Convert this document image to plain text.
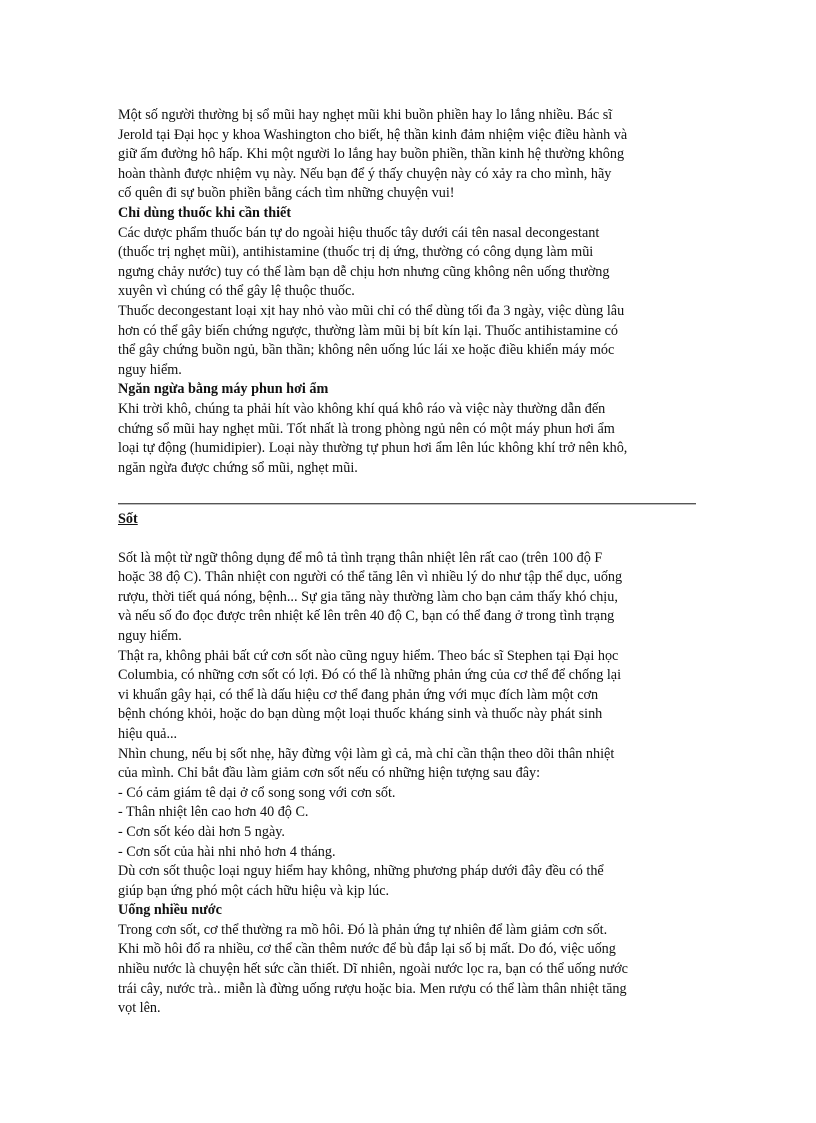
Một số người thường bị sổ mũi hay nghẹt mũi khi buồn phiền hay lo lắng nhiều. Bác sĩ
Jerold tại Đại học y khoa Washington cho biết, hệ thần kinh đảm nhiệm việc điều hành và
giữ ấm đường hô hấp. Khi một người lo lắng hay buồn phiền, thần kinh hệ thường không
hoàn thành được nhiệm vụ này. Nếu bạn để ý thấy chuyện này có xảy ra cho mình, hãy
cố quên đi sự buồn phiền bằng cách tìm những chuyện vui!
Chỉ dùng thuốc khi cần thiết
Các dược phẩm thuốc bán tự do ngoài hiệu thuốc tây dưới cái tên nasal decongestant
(thuốc trị nghẹt mũi), antihistamine (thuốc trị dị ứng, thường có công dụng làm mũi
ngưng chảy nước) tuy có thể làm bạn dễ chịu hơn nhưng cũng không nên uống thường
xuyên vì chúng có thể gây lệ thuộc thuốc.
Thuốc decongestant loại xịt hay nhỏ vào mũi chỉ có thể dùng tối đa 3 ngày, việc dùng lâu
hơn có thể gây biến chứng ngược, thường làm mũi bị bít kín lại. Thuốc antihistamine có
thể gây chứng buồn ngủ, bần thần; không nên uống lúc lái xe hoặc điều khiển máy móc
nguy hiểm.
Ngăn ngừa bằng máy phun hơi ẩm
Khi trời khô, chúng ta phải hít vào không khí quá khô ráo và việc này thường dẫn đến
chứng sổ mũi hay nghẹt mũi. Tốt nhất là trong phòng ngủ nên có một máy phun hơi ẩm
loại tự động (humidipier). Loại này thường tự phun hơi ẩm lên lúc không khí trở nên khô,
ngăn ngừa được chứng sổ mũi, nghẹt mũi.
Sốt
Sốt là một từ ngữ thông dụng để mô tả tình trạng thân nhiệt lên rất cao (trên 100 độ F
hoặc 38 độ C). Thân nhiệt con người có thể tăng lên vì nhiều lý do như tập thể dục, uống
rượu, thời tiết quá nóng, bệnh... Sự gia tăng này thường làm cho bạn cảm thấy khó chịu,
và nếu số đo đọc được trên nhiệt kế lên trên 40 độ C, bạn có thể đang ở trong tình trạng
nguy hiểm.
Thật ra, không phải bất cứ cơn sốt nào cũng nguy hiểm. Theo bác sĩ Stephen tại Đại học
Columbia, có những cơn sốt có lợi. Đó có thể là những phản ứng của cơ thể để chống lại
vi khuẩn gây hại, có thể là dấu hiệu cơ thể đang phản ứng với mục đích làm một cơn
bệnh chóng khỏi, hoặc do bạn dùng một loại thuốc kháng sinh và thuốc này phát sinh
hiệu quả...
Nhìn chung, nếu bị sốt nhẹ, hãy đừng vội làm gì cả, mà chỉ cần thận theo dõi thân nhiệt
của mình. Chỉ bắt đầu làm giảm cơn sốt nếu có những hiện tượng sau đây:
- Có cảm giám tê dại ở cổ song song với cơn sốt.
- Thân nhiệt lên cao hơn 40 độ C.
- Cơn sốt kéo dài hơn 5 ngày.
- Cơn sốt của hài nhi nhỏ hơn 4 tháng.
Dù cơn sốt thuộc loại nguy hiểm hay không, những phương pháp dưới đây đều có thể
giúp bạn ứng phó một cách hữu hiệu và kịp lúc.
Uống nhiều nước
Trong cơn sốt, cơ thể thường ra mồ hôi. Đó là phản ứng tự nhiên để làm giảm cơn sốt.
Khi mồ hôi đổ ra nhiều, cơ thể cần thêm nước để bù đắp lại số bị mất. Do đó, việc uống
nhiều nước là chuyện hết sức cần thiết. Dĩ nhiên, ngoài nước lọc ra, bạn có thể uống nước
trái cây, nước trà.. miễn là đừng uống rượu hoặc bia. Men rượu có thể làm thân nhiệt tăng
vọt lên.
